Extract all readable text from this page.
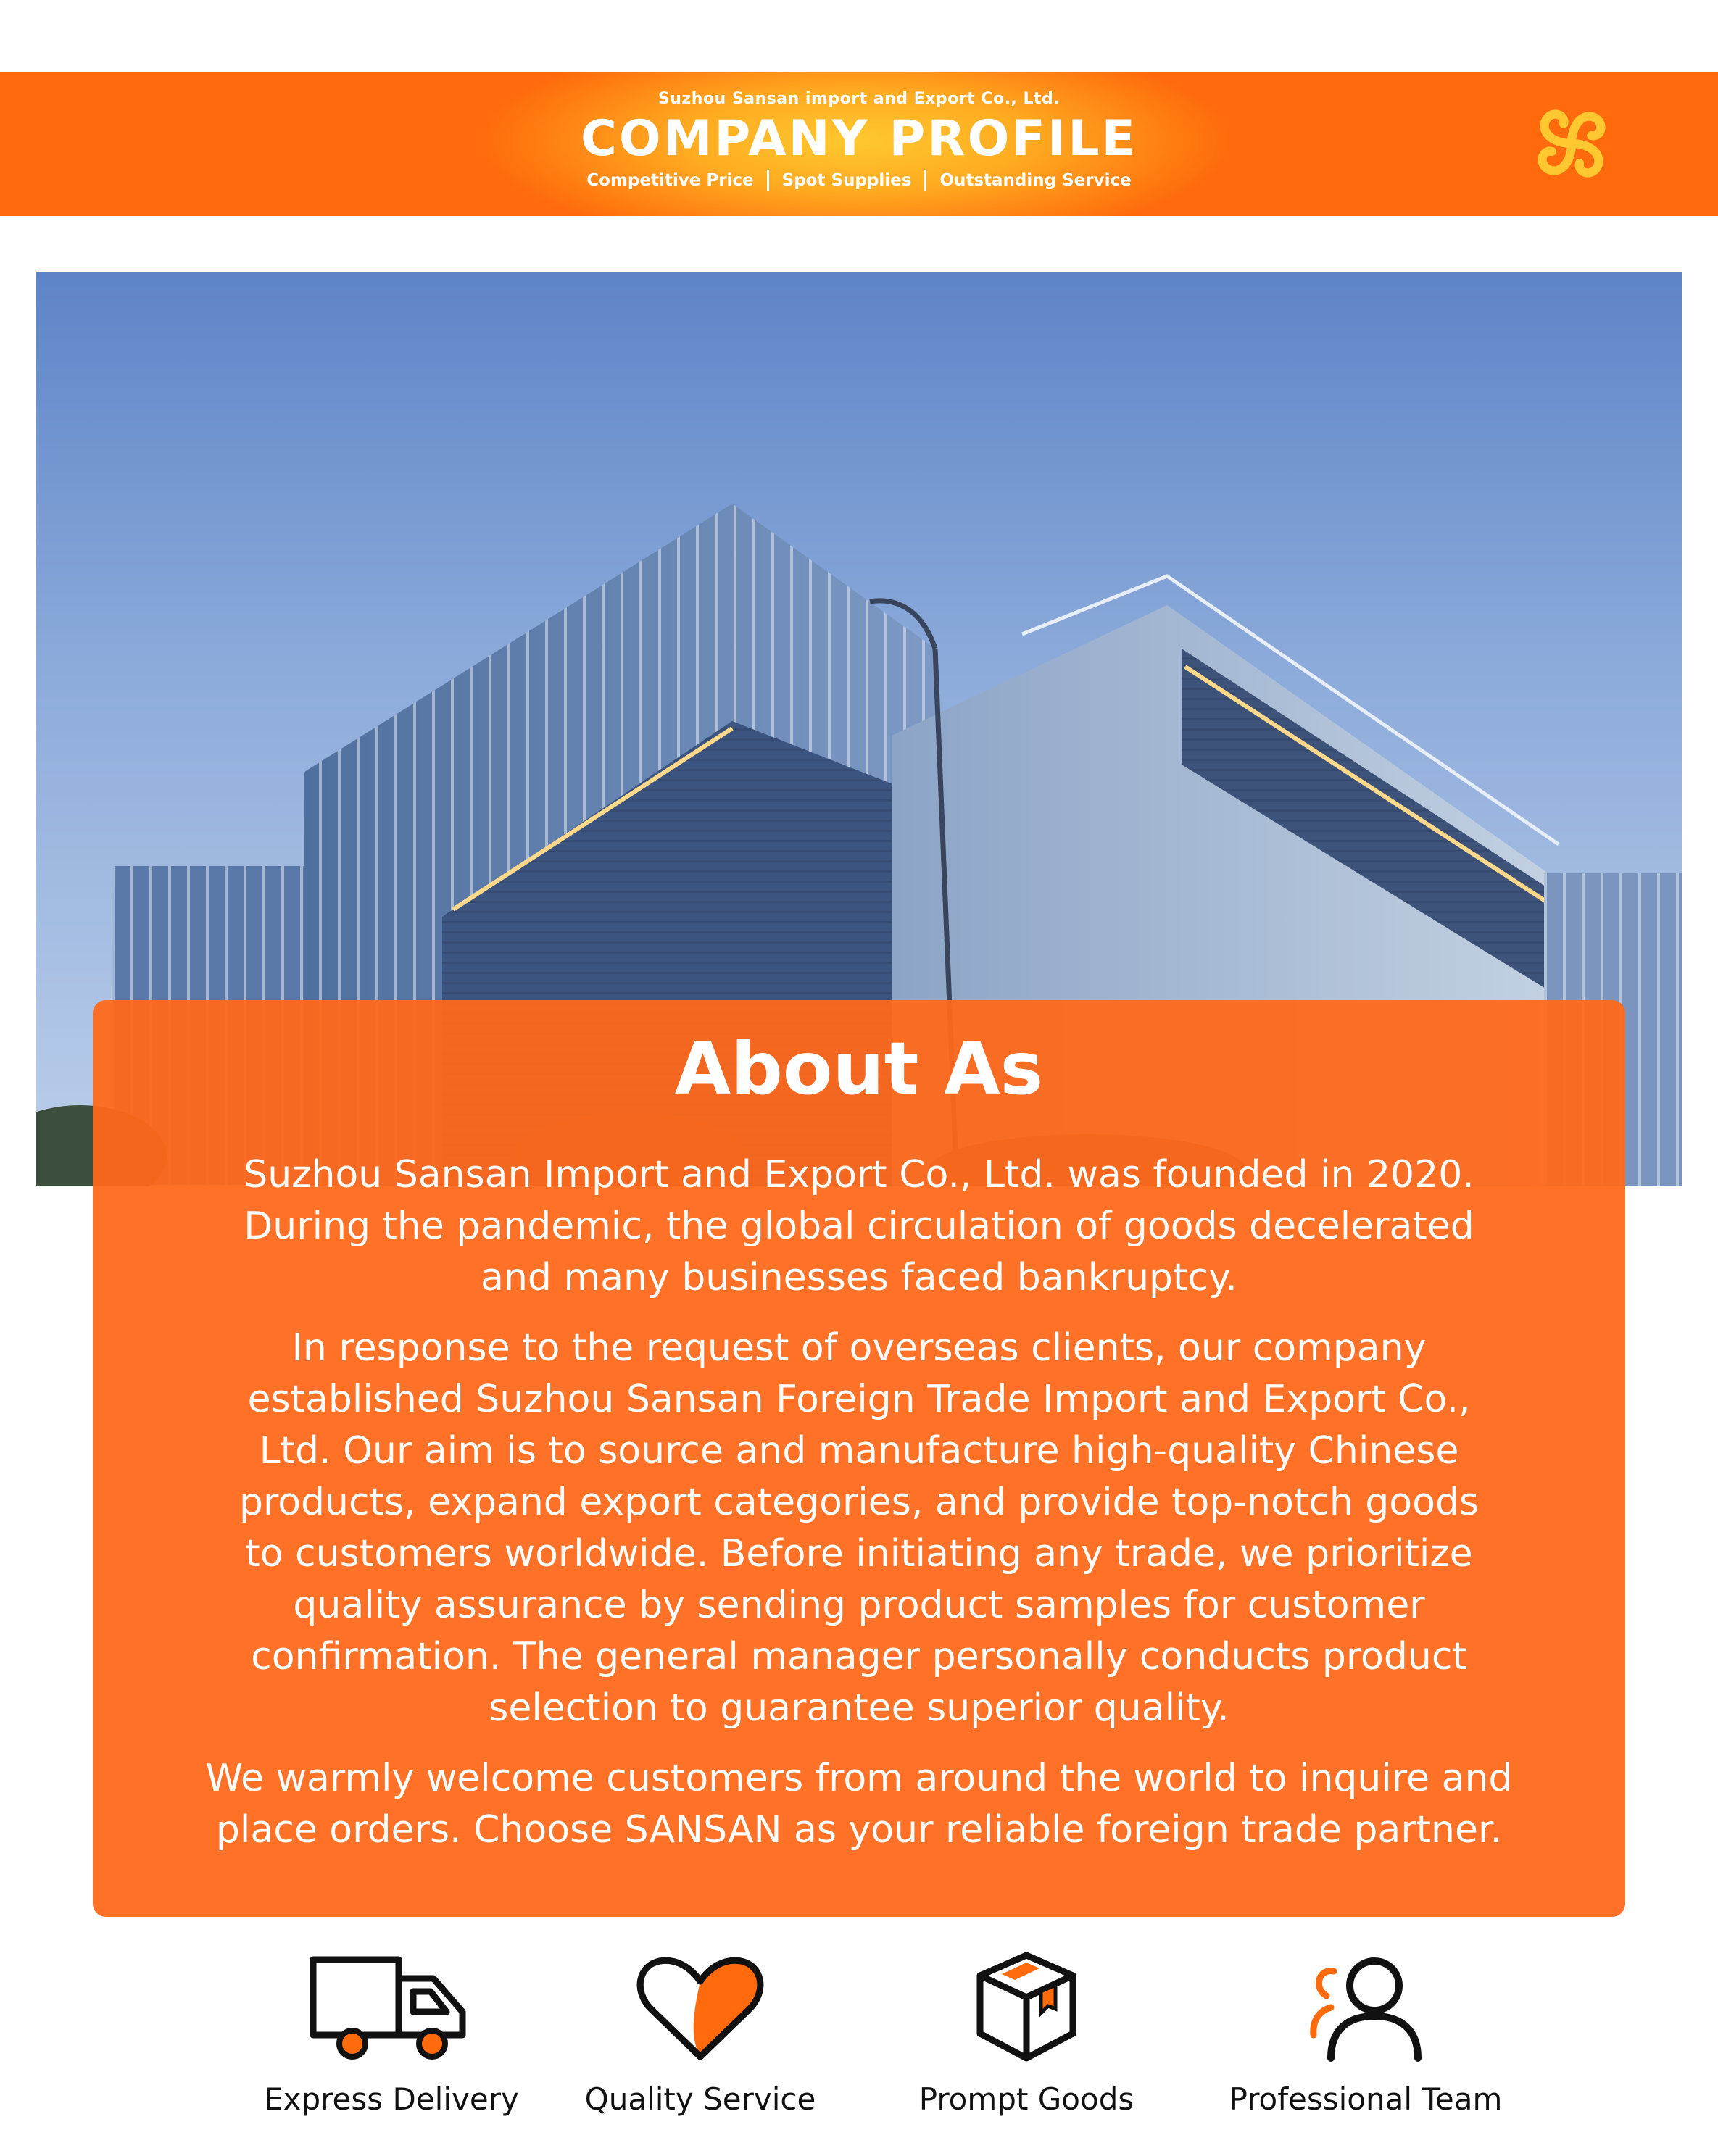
Suzhou Sansan import and Export Co., Ltd.
COMPANY PROFILE
Competitive Price Spot Supplies Outstanding Service
About As

Suzhou Sansan Import and Export Co., Ltd. was founded in 2020.
During the pandemic, the global circulation of goods decelerated
and many businesses faced bankruptcy.

In response to the request of overseas clients, our company
established Suzhou Sansan Foreign Trade Import and Export Co.,
Ltd. Our aim is to source and manufacture high-quality Chinese
products, expand export categories, and provide top-notch goods
to customers worldwide. Before initiating any trade, we prioritize
quality assurance by sending product samples for customer
confirmation. The general manager personally conducts product
selection to guarantee superior quality.

We warmly welcome customers from around the world to inquire and
place orders. Choose SANSAN as your reliable foreign trade partner.

Express Delivery	Quality Service	Prompt Goods	Professional Team
